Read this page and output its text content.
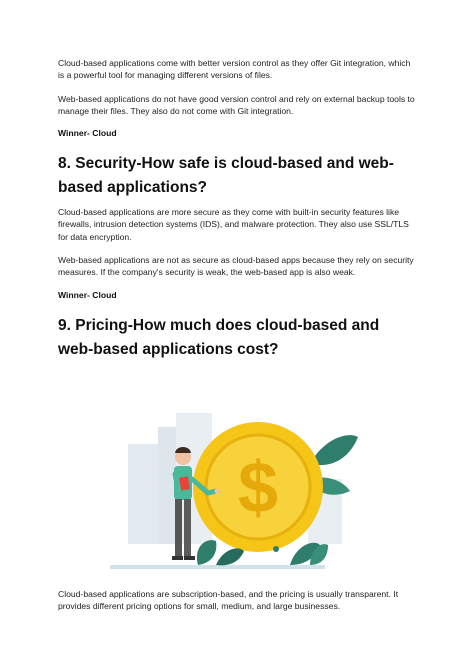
Cloud-based applications come with better version control as they offer Git integration, which is a powerful tool for managing different versions of files.

Web-based applications do not have good version control and rely on external backup tools to manage their files. They also do not come with Git integration.

Winner- Cloud

8. Security-How safe is cloud-based and web-based applications?

Cloud-based applications are more secure as they come with built-in security features like firewalls, intrusion detection systems (IDS), and malware protection. They also use SSL/TLS for data encryption.

Web-based applications are not as secure as cloud-based apps because they rely on security measures. If the company's security is weak, the web-based app is also weak.

Winner- Cloud

9. Pricing-How much does cloud-based and web-based applications cost?
$

Cloud-based applications are subscription-based, and the pricing is usually transparent. It provides different pricing options for small, medium, and large businesses.
